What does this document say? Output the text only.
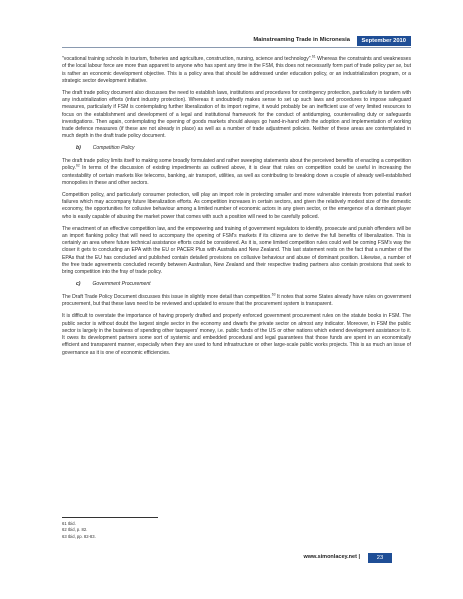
Mainstreaming Trade in Micronesia	September 2010

"vocational training schools in tourism, fisheries and agriculture, construction, nursing, science and technology".$^{61}$ Whereas the constraints and weaknesses of the local labour force are more than apparent to anyone who has spent any time in the FSM, this does not necessarily form part of trade policy per se, but is rather an economic development objective. This is a policy area that should be addressed under education policy, or an industrialization program, or a strategic sector development initiative.

The draft trade policy document also discusses the need to establish laws, institutions and procedures for contingency protection, particularly in tandem with any industrialization efforts (infant industry protection). Whereas it undoubtedly makes sense to set up such laws and procedures to impose safeguard measures, particularly if FSM is contemplating further liberalization of its import regime, it would probably be an inefficient use of very limited resources to focus on the establishment and development of a legal and institutional framework for the conduct of antidumping, countervailing duty or safeguards investigations. Then again, contemplating the opening of goods markets should always go hand-in-hand with the adoption and implementation of working trade defence measures (if these are not already in place) as well as a number of trade adjustment policies. Neither of these areas are contemplated in much depth in the draft trade policy document.

b) Competition Policy

The draft trade policy limits itself to making some broadly formulated and rather sweeping statements about the perceived benefits of enacting a competition policy.$^{62}$ In terms of the discussion of existing impediments as outlined above, it is clear that rules on competition could be useful in increasing the contestability of certain markets like telecoms, banking, air transport, utilities, as well as contributing to breaking down a couple of already well-established monopolies in these and other sectors.

Competition policy, and particularly consumer protection, will play an import role in protecting smaller and more vulnerable interests from potential market failures which may accompany future liberalization efforts. As competition increases in certain sectors, and given the relatively modest size of the domestic economy, the opportunities for collusive behaviour among a limited number of economic actors in any given sector, or the emergence of a dominant player who is easily capable of abusing the market power that comes with such a position will need to be carefully policed.

The enactment of an effective competition law, and the empowering and training of government regulators to identify, prosecute and punish offenders will be an import flanking policy that will need to accompany the opening of FSM's markets if its citizens are to derive the full benefits of liberalization. This is certainly an area where future technical assistance efforts could be considered. As it is, some limited competition rules could well be coming FSM's way the closer it gets to concluding an EPA with the EU or PACER Plus with Australia and New Zealand. This last statement rests on the fact that a number of the EPAs that the EU has concluded and published contain detailed provisions on collusive behaviour and abuse of dominant position. Likewise, a number of the free trade agreements concluded recently between Australian, New Zealand and their respective trading partners also contain provisions that seek to bring competition into the fray of trade policy.

c) Government Procurement

The Draft Trade Policy Document discusses this issue in slightly more detail than competition.$^{63}$ It notes that some States already have rules on government procurement, but that these laws need to be reviewed and updated to ensure that the procurement system is transparent.

It is difficult to overstate the importance of having properly drafted and properly enforced government procurement rules on the statute books in FSM. The public sector is without doubt the largest single sector in the economy and dwarfs the private sector on almost any indicator. Moreover, in FSM the public sector is largely in the business of spending other taxpayers' money, i.e. public funds of the US or other nations which extend development assistance to it. It owes its development partners some sort of systemic and embedded procedural and legal guarantees that those funds are spent in an economically efficient and transparent manner, especially when they are used to fund infrastructure or other large-scale public works projects. This is as much an issue of governance as it is one of economic efficiencies.

61 Ibid.
62 Ibid, p. 82.
63 Ibid, pp. 82-83.
www.simonlacey.net |	23
